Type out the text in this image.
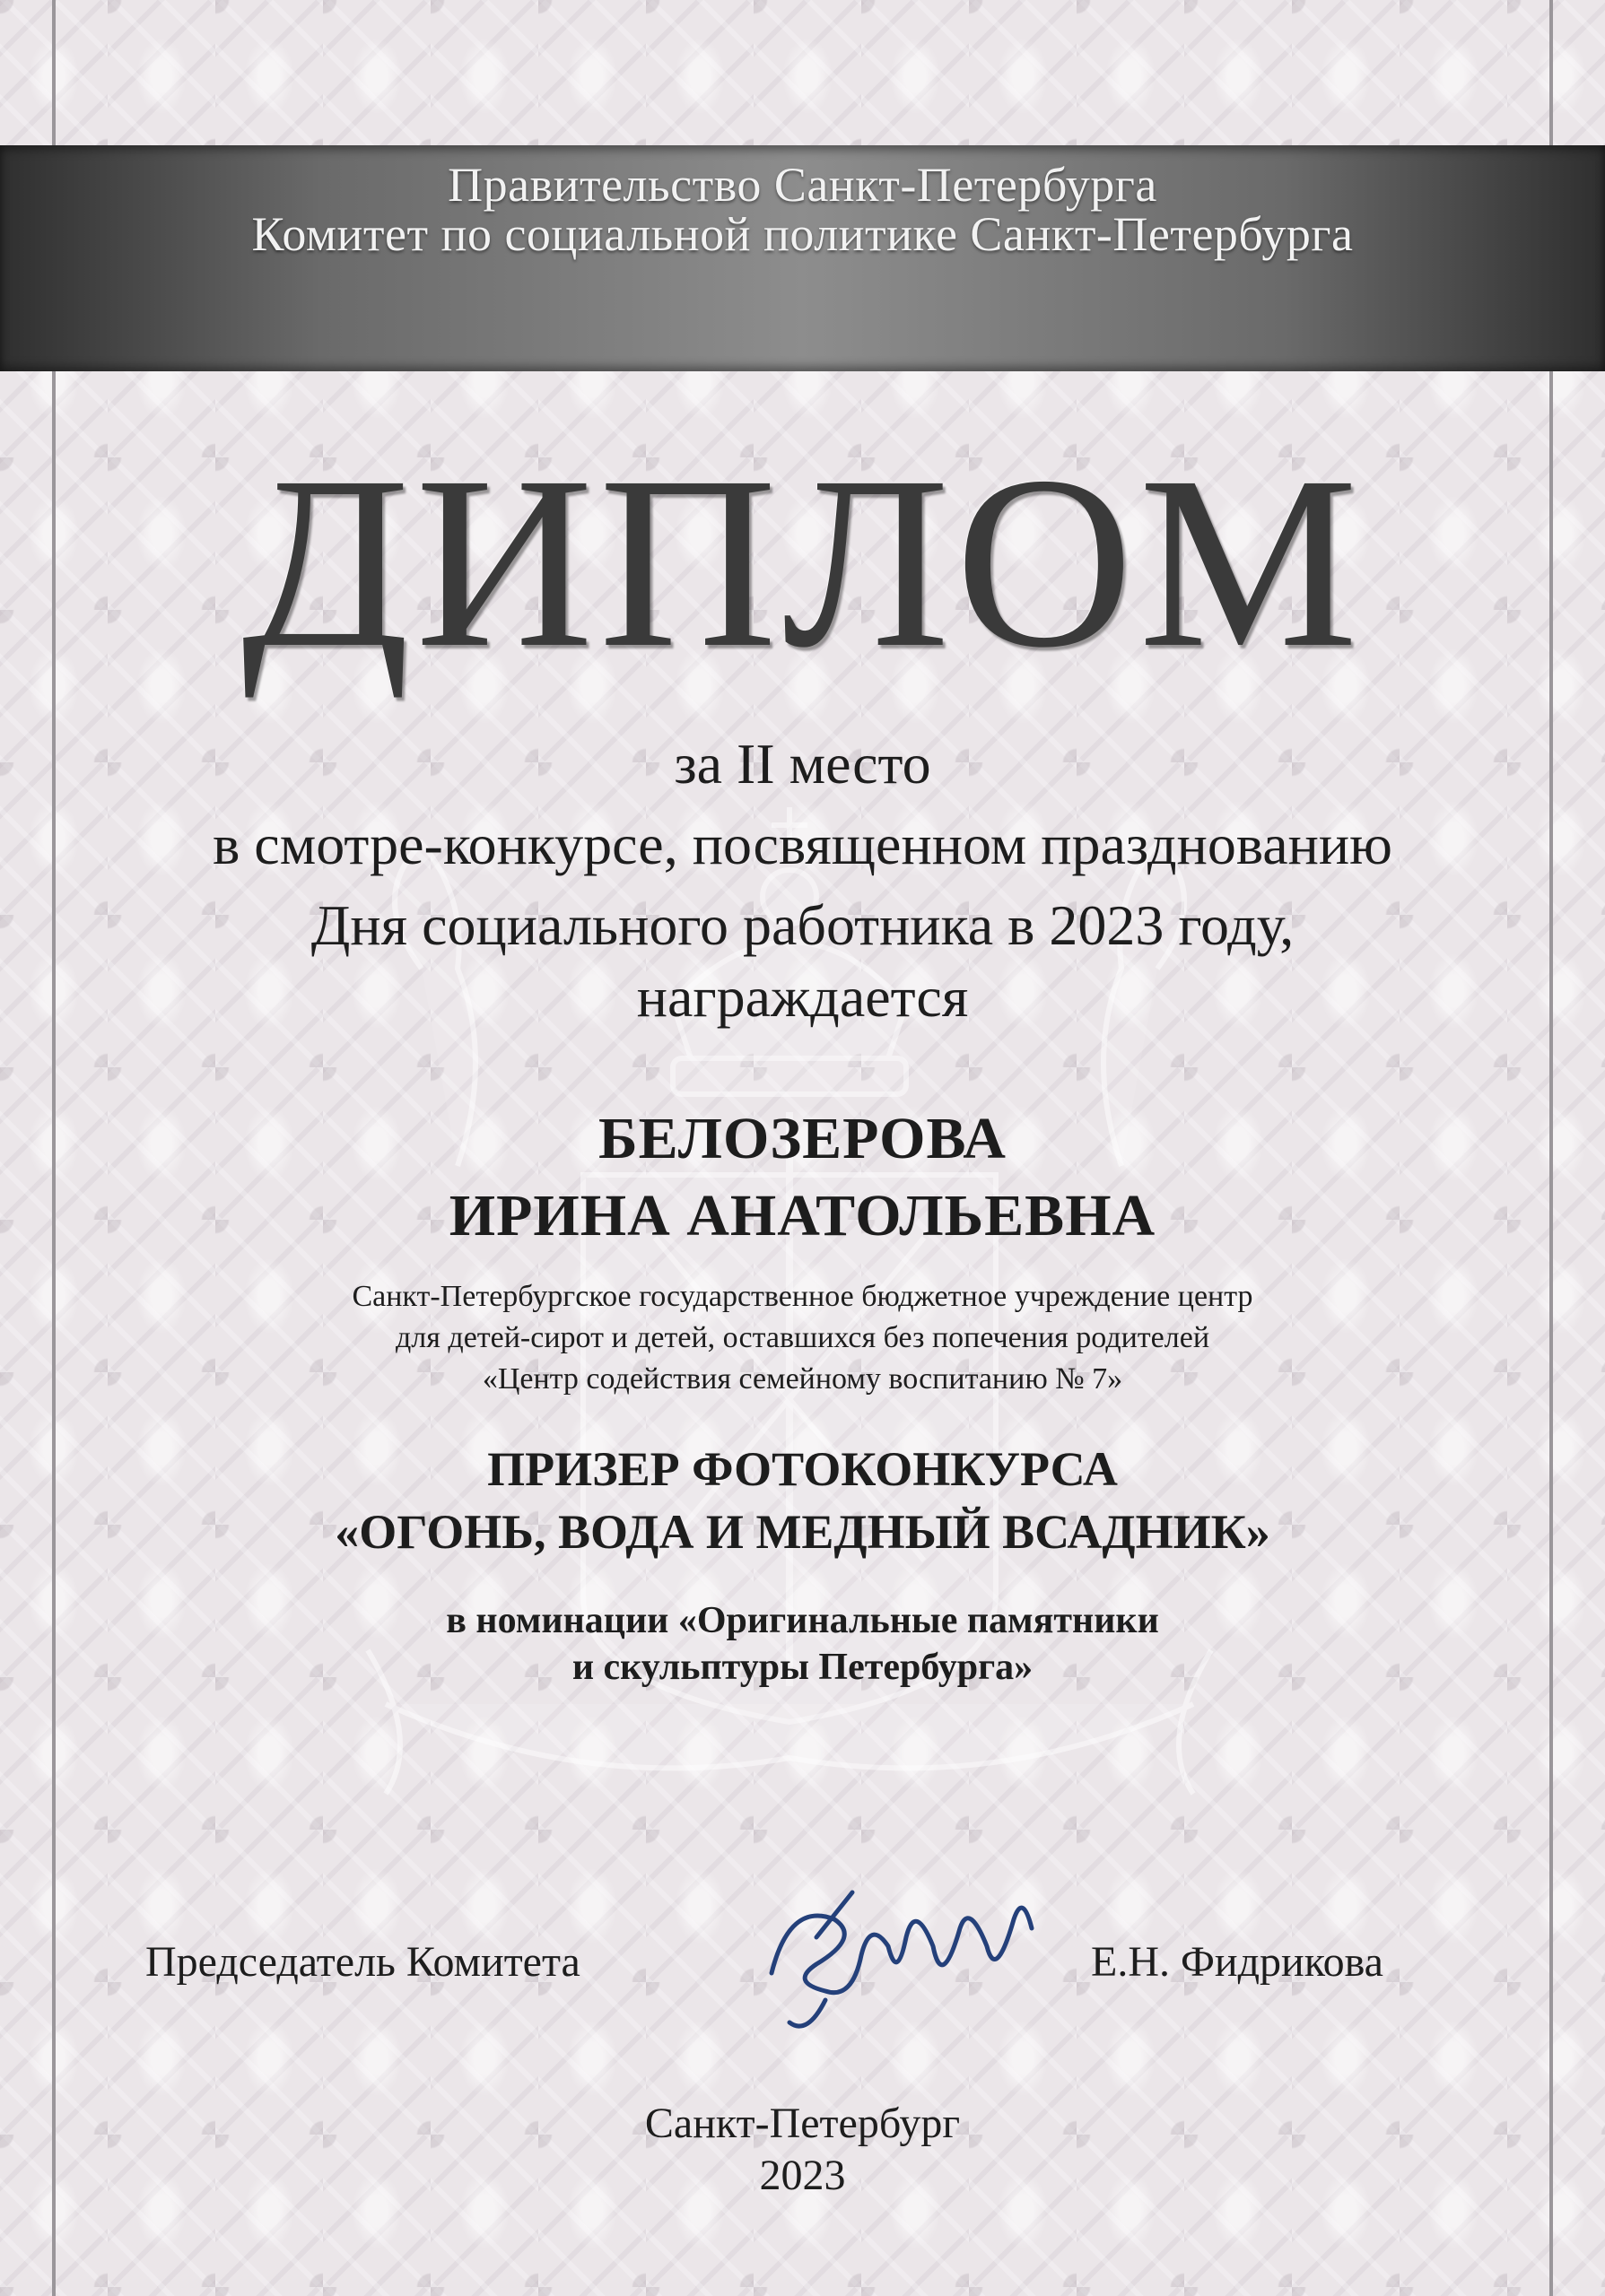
Правительство Санкт-Петербурга
Комитет по социальной политике Санкт-Петербурга
ДИПЛОМ
за II место
в смотре-конкурсе, посвященном празднованию
Дня социального работника в 2023 году,
награждается
БЕЛОЗЕРОВА
ИРИНА АНАТОЛЬЕВНА
Санкт-Петербургское государственное бюджетное учреждение центр
для детей-сирот и детей, оставшихся без попечения родителей
«Центр содействия семейному воспитанию № 7»
ПРИЗЕР ФОТОКОНКУРСА
«ОГОНЬ, ВОДА И МЕДНЫЙ ВСАДНИК»
в номинации «Оригинальные памятники
и скульптуры Петербурга»
Председатель Комитета	Е.Н. Фидрикова
Санкт-Петербург
2023
